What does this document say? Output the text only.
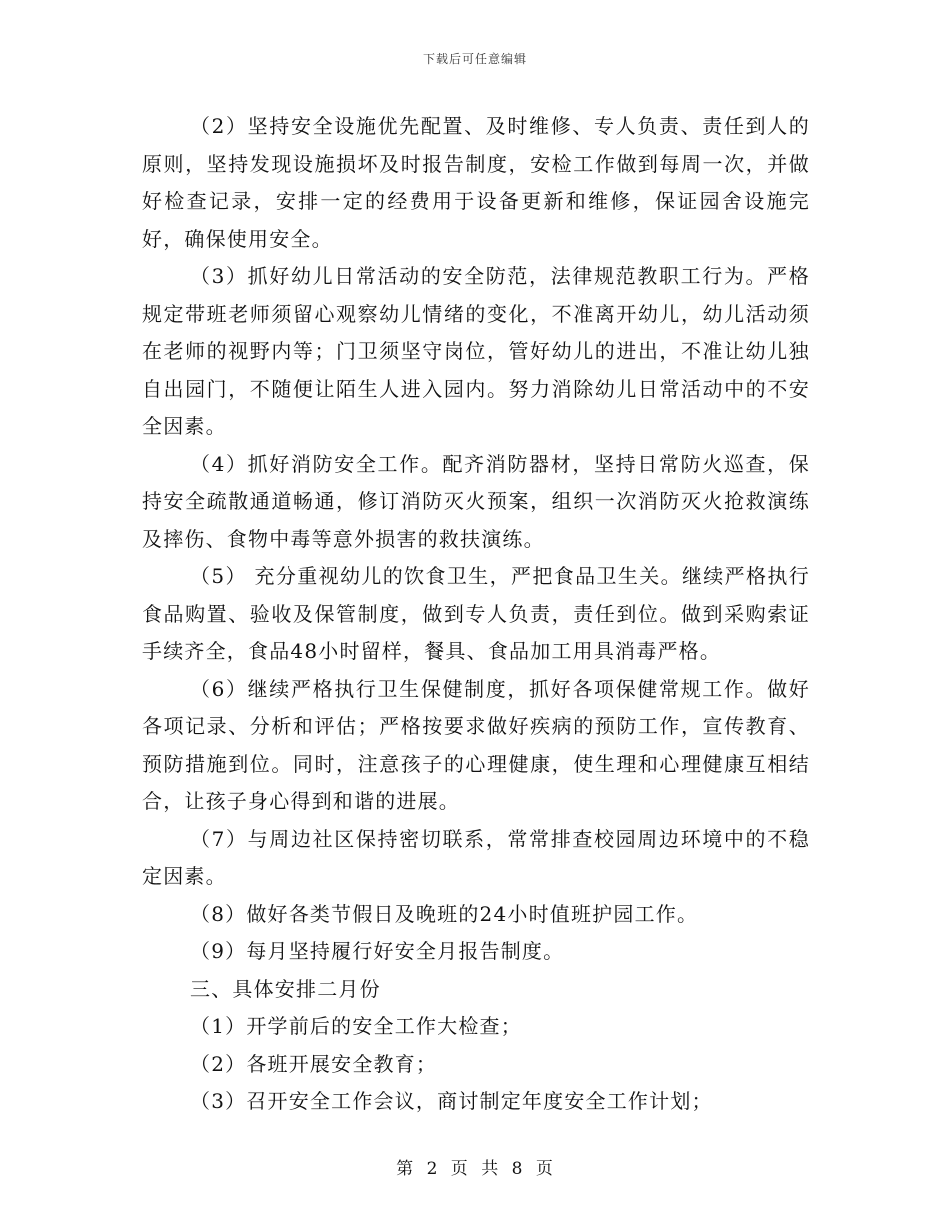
下载后可任意编辑

（2）坚持安全设施优先配置、及时维修、专人负责、责任到人的原则，坚持发现设施损坏及时报告制度，安检工作做到每周一次，并做好检查记录，安排一定的经费用于设备更新和维修，保证园舍设施完好，确保使用安全。

（3）抓好幼儿日常活动的安全防范，法律规范教职工行为。严格规定带班老师须留心观察幼儿情绪的变化，不准离开幼儿，幼儿活动须在老师的视野内等；门卫须坚守岗位，管好幼儿的进出，不准让幼儿独自出园门，不随便让陌生人进入园内。努力消除幼儿日常活动中的不安全因素。

（4）抓好消防安全工作。配齐消防器材，坚持日常防火巡查，保持安全疏散通道畅通，修订消防灭火预案，组织一次消防灭火抢救演练及摔伤、食物中毒等意外损害的救扶演练。

（5） 充分重视幼儿的饮食卫生，严把食品卫生关。继续严格执行食品购置、验收及保管制度，做到专人负责，责任到位。做到采购索证手续齐全，食品48小时留样，餐具、食品加工用具消毒严格。

（6）继续严格执行卫生保健制度，抓好各项保健常规工作。做好各项记录、分析和评估；严格按要求做好疾病的预防工作，宣传教育、预防措施到位。同时，注意孩子的心理健康，使生理和心理健康互相结合，让孩子身心得到和谐的进展。

（7）与周边社区保持密切联系，常常排查校园周边环境中的不稳定因素。

（8）做好各类节假日及晚班的24小时值班护园工作。

（9）每月坚持履行好安全月报告制度。

三、具体安排二月份

（1）开学前后的安全工作大检查；

（2）各班开展安全教育；

（3）召开安全工作会议，商讨制定年度安全工作计划；

第 2 页 共 8 页
